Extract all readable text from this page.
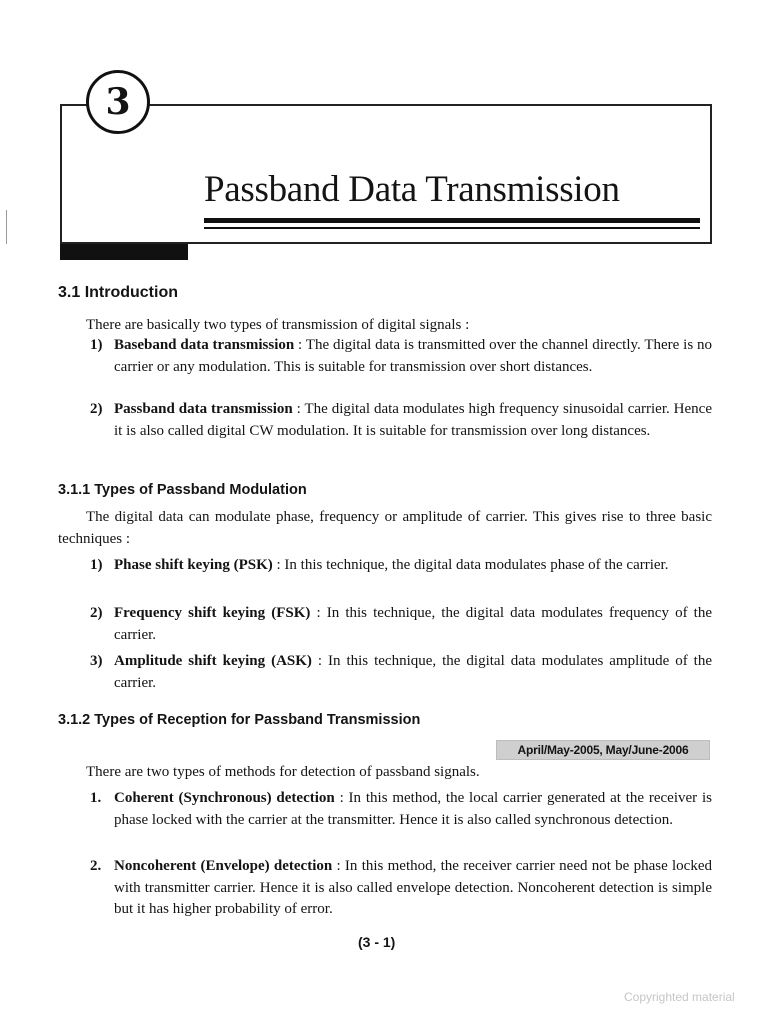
3
Passband Data Transmission
3.1 Introduction
There are basically two types of transmission of digital signals :
1) Baseband data transmission : The digital data is transmitted over the channel directly. There is no carrier or any modulation. This is suitable for transmission over short distances.
2) Passband data transmission : The digital data modulates high frequency sinusoidal carrier. Hence it is also called digital CW modulation. It is suitable for transmission over long distances.
3.1.1 Types of Passband Modulation
The digital data can modulate phase, frequency or amplitude of carrier. This gives rise to three basic techniques :
1) Phase shift keying (PSK) : In this technique, the digital data modulates phase of the carrier.
2) Frequency shift keying (FSK) : In this technique, the digital data modulates frequency of the carrier.
3) Amplitude shift keying (ASK) : In this technique, the digital data modulates amplitude of the carrier.
3.1.2 Types of Reception for Passband Transmission
April/May-2005, May/June-2006
There are two types of methods for detection of passband signals.
1. Coherent (Synchronous) detection : In this method, the local carrier generated at the receiver is phase locked with the carrier at the transmitter. Hence it is also called synchronous detection.
2. Noncoherent (Envelope) detection : In this method, the receiver carrier need not be phase locked with transmitter carrier. Hence it is also called envelope detection. Noncoherent detection is simple but it has higher probability of error.
(3 - 1)
Copyrighted material
